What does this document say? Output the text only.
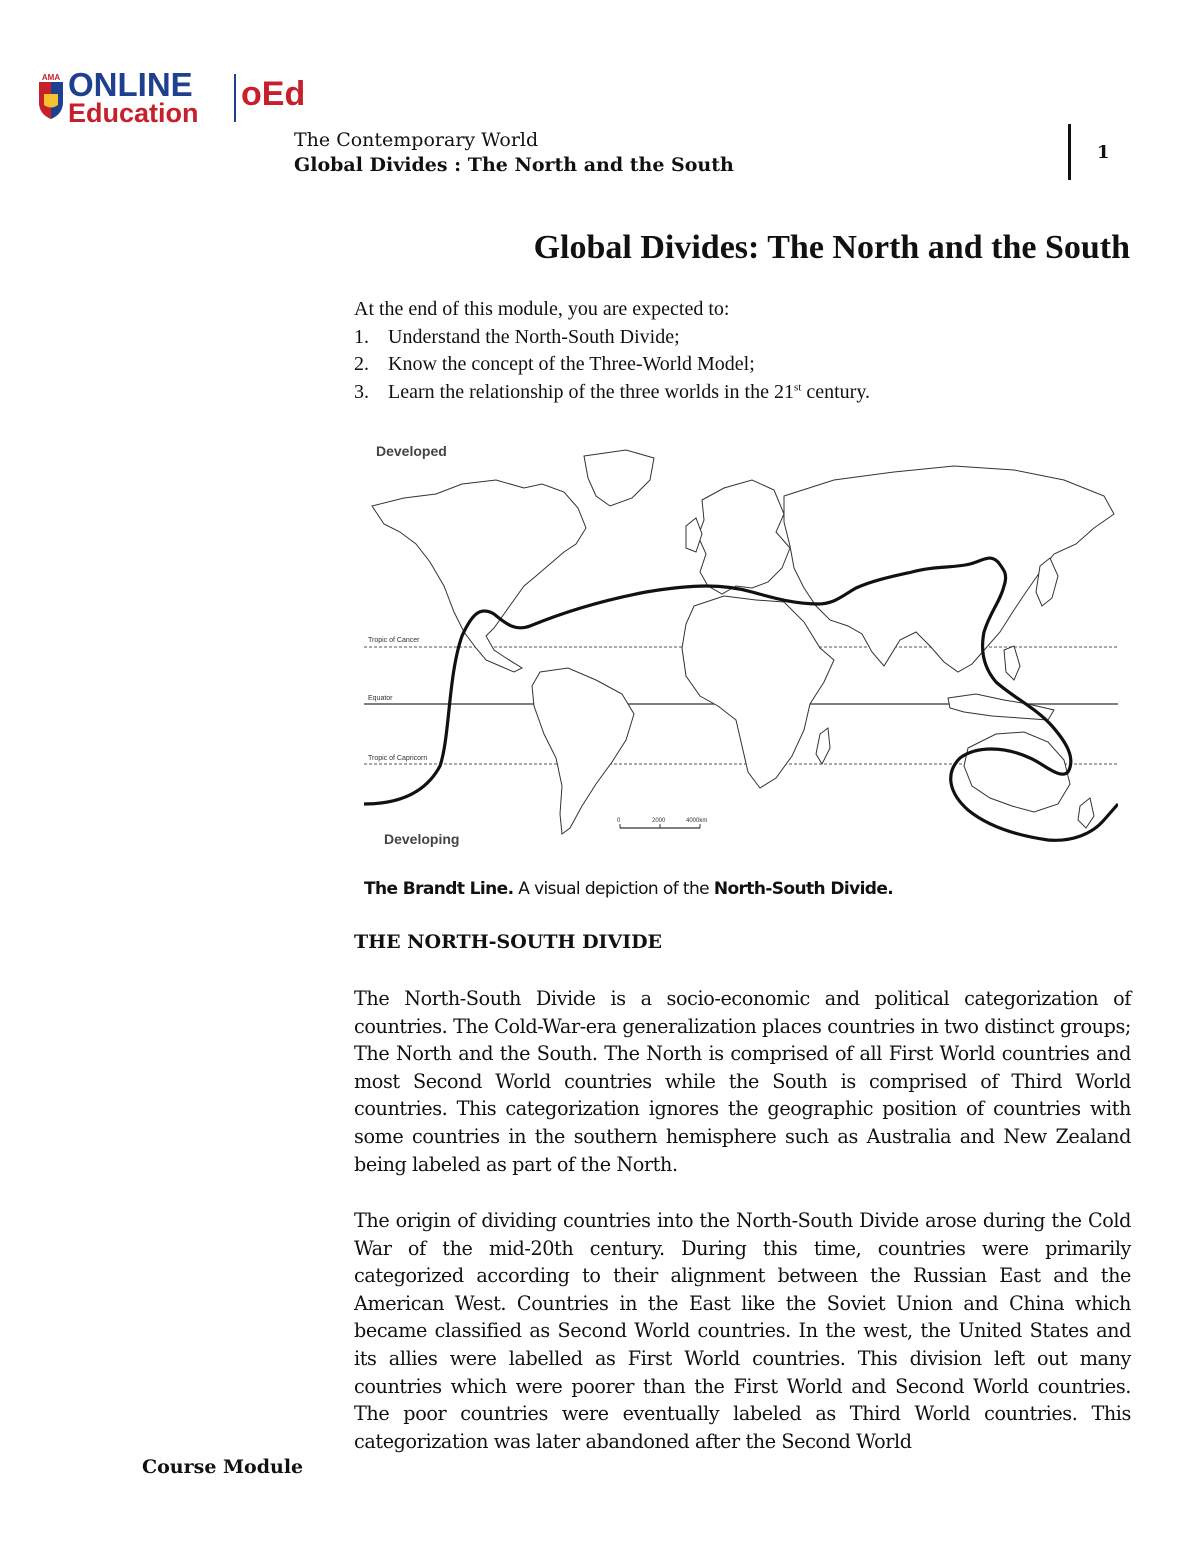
AMA ONLINE
Education oEd
The Contemporary World
Global Divides : The North and the South
1
Global Divides: The North and the South

At the end of this module, you are expected to:

1. Understand the North-South Divide;
2. Know the concept of the Three-World Model;
3. Learn the relationship of the three worlds in the 21st century.
Developed
Developing
Tropic of Cancer
Equator
Tropic of Capricorn
0	2000	4000km
The Brandt Line. A visual depiction of the North-South Divide.
THE NORTH-SOUTH DIVIDE

The North-South Divide is a socio-economic and political categorization of countries. The Cold-War-era generalization places countries in two distinct groups; The North and the South. The North is comprised of all First World countries and most Second World countries while the South is comprised of Third World countries. This categorization ignores the geographic position of countries with some countries in the southern hemisphere such as Australia and New Zealand being labeled as part of the North.

The origin of dividing countries into the North-South Divide arose during the Cold War of the mid-20th century. During this time, countries were primarily categorized according to their alignment between the Russian East and the American West. Countries in the East like the Soviet Union and China which became classified as Second World countries. In the west, the United States and its allies were labelled as First World countries. This division left out many countries which were poorer than the First World and Second World countries. The poor countries were eventually labeled as Third World countries. This categorization was later abandoned after the Second World

Course Module
